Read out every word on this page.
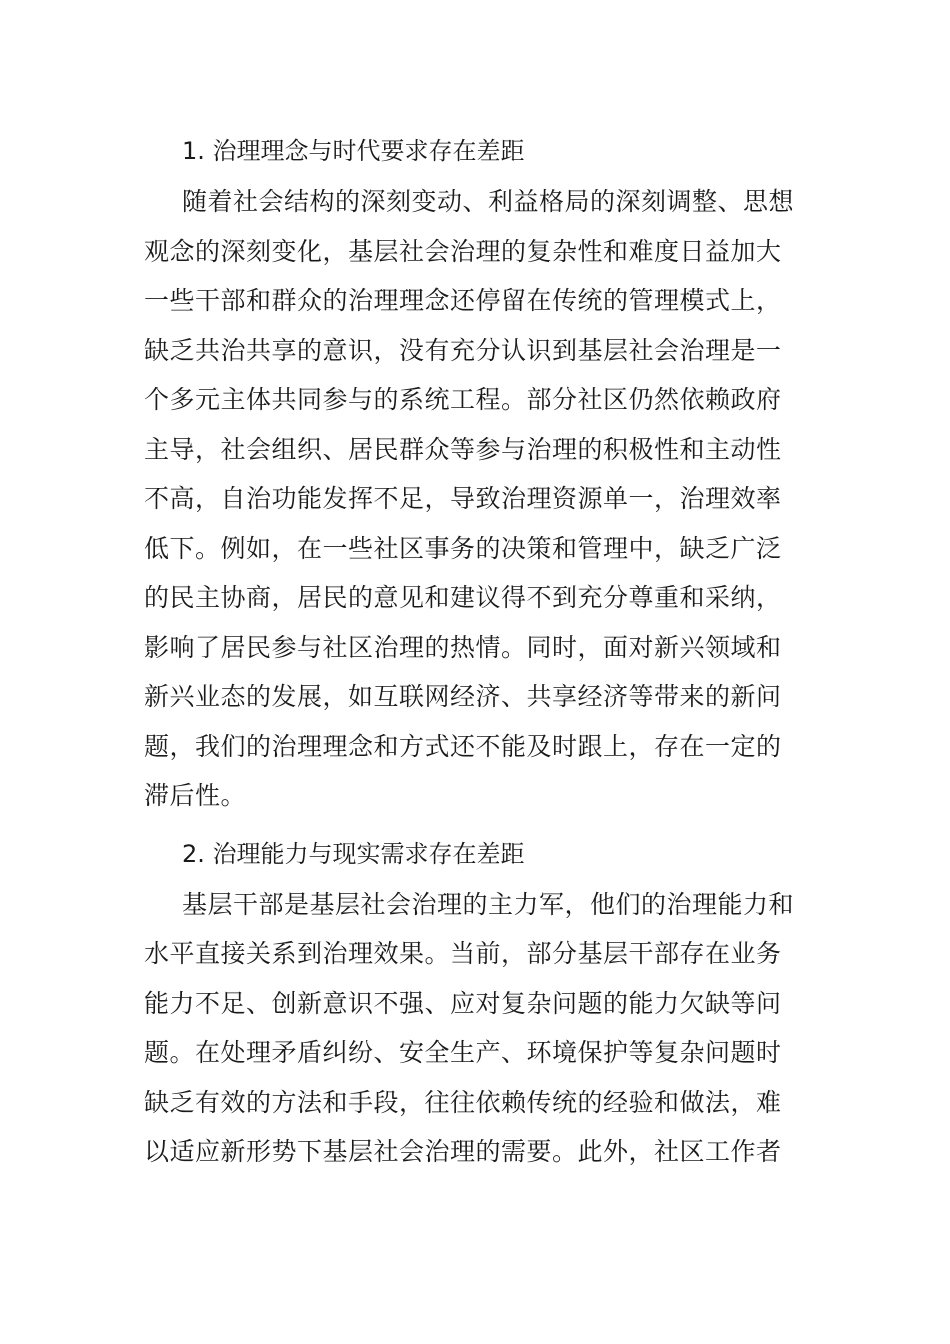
1. 治理理念与时代要求存在差距
随着社会结构的深刻变动、利益格局的深刻调整、思想
观念的深刻变化，基层社会治理的复杂性和难度日益加大
一些干部和群众的治理理念还停留在传统的管理模式上，
缺乏共治共享的意识，没有充分认识到基层社会治理是一
个多元主体共同参与的系统工程。部分社区仍然依赖政府
主导，社会组织、居民群众等参与治理的积极性和主动性
不高，自治功能发挥不足，导致治理资源单一，治理效率
低下。例如，在一些社区事务的决策和管理中，缺乏广泛
的民主协商，居民的意见和建议得不到充分尊重和采纳，
影响了居民参与社区治理的热情。同时，面对新兴领域和
新兴业态的发展，如互联网经济、共享经济等带来的新问
题，我们的治理理念和方式还不能及时跟上，存在一定的
滞后性。
2. 治理能力与现实需求存在差距
基层干部是基层社会治理的主力军，他们的治理能力和
水平直接关系到治理效果。当前，部分基层干部存在业务
能力不足、创新意识不强、应对复杂问题的能力欠缺等问
题。在处理矛盾纠纷、安全生产、环境保护等复杂问题时
缺乏有效的方法和手段，往往依赖传统的经验和做法，难
以适应新形势下基层社会治理的需要。此外，社区工作者
